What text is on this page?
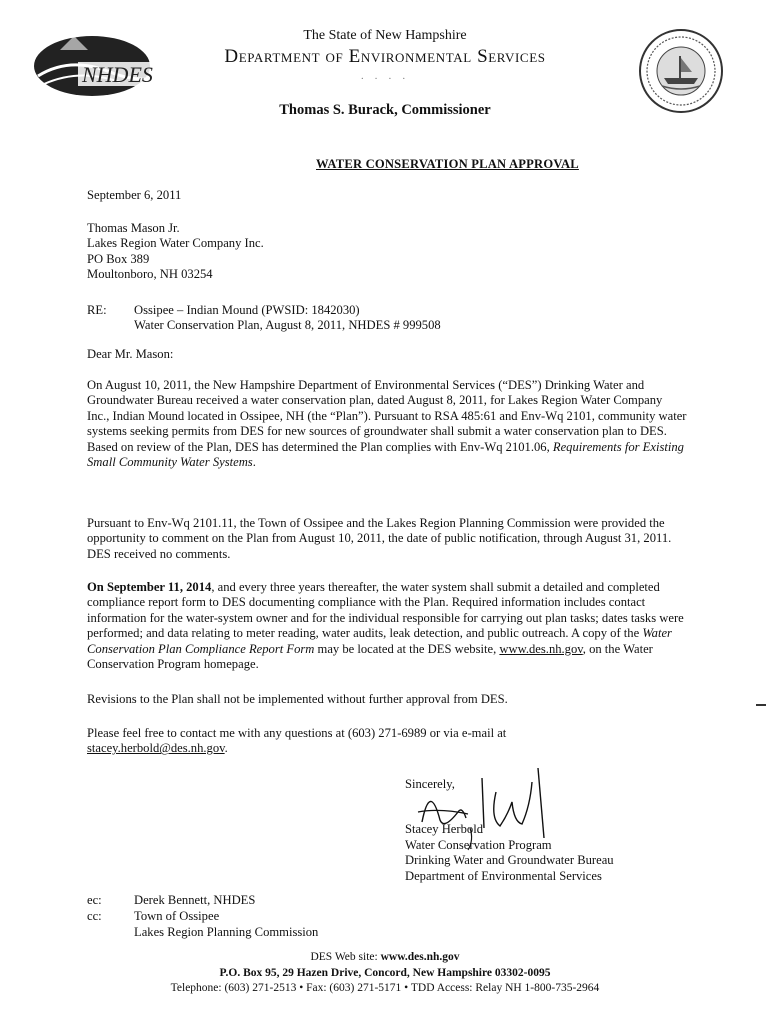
NHDES
The State of New Hampshire
Department of Environmental Services
· · · ·
Thomas S. Burack, Commissioner
WATER CONSERVATION PLAN APPROVAL
September 6, 2011
Thomas Mason Jr.
Lakes Region Water Company Inc.
PO Box 389
Moultonboro, NH 03254
RE: Ossipee – Indian Mound (PWSID: 1842030)
Water Conservation Plan, August 8, 2011, NHDES # 999508
Dear Mr. Mason:

On August 10, 2011, the New Hampshire Department of Environmental Services (“DES”) Drinking Water and Groundwater Bureau received a water conservation plan, dated August 8, 2011, for Lakes Region Water Company Inc., Indian Mound located in Ossipee, NH (the “Plan”). Pursuant to RSA 485:61 and Env-Wq 2101, community water systems seeking permits from DES for new sources of groundwater shall submit a water conservation plan to DES. Based on review of the Plan, DES has determined the Plan complies with Env-Wq 2101.06, Requirements for Existing Small Community Water Systems.

Pursuant to Env-Wq 2101.11, the Town of Ossipee and the Lakes Region Planning Commission were provided the opportunity to comment on the Plan from August 10, 2011, the date of public notification, through August 31, 2011. DES received no comments.

On September 11, 2014, and every three years thereafter, the water system shall submit a detailed and completed compliance report form to DES documenting compliance with the Plan. Required information includes contact information for the water-system owner and for the individual responsible for carrying out plan tasks; dates tasks were performed; and data relating to meter reading, water audits, leak detection, and public outreach. A copy of the Water Conservation Plan Compliance Report Form may be located at the DES website, www.des.nh.gov, on the Water Conservation Program homepage.

Revisions to the Plan shall not be implemented without further approval from DES.

Please feel free to contact me with any questions at (603) 271-6989 or via e-mail at
stacey.herbold@des.nh.gov.
Sincerely,
Stacey Herbold
Water Conservation Program
Drinking Water and Groundwater Bureau
Department of Environmental Services
ec:	Derek Bennett, NHDES
cc:	Town of Ossipee
Lakes Region Planning Commission
DES Web site: www.des.nh.gov
P.O. Box 95, 29 Hazen Drive, Concord, New Hampshire 03302-0095
Telephone: (603) 271-2513 • Fax: (603) 271-5171 • TDD Access: Relay NH 1-800-735-2964
